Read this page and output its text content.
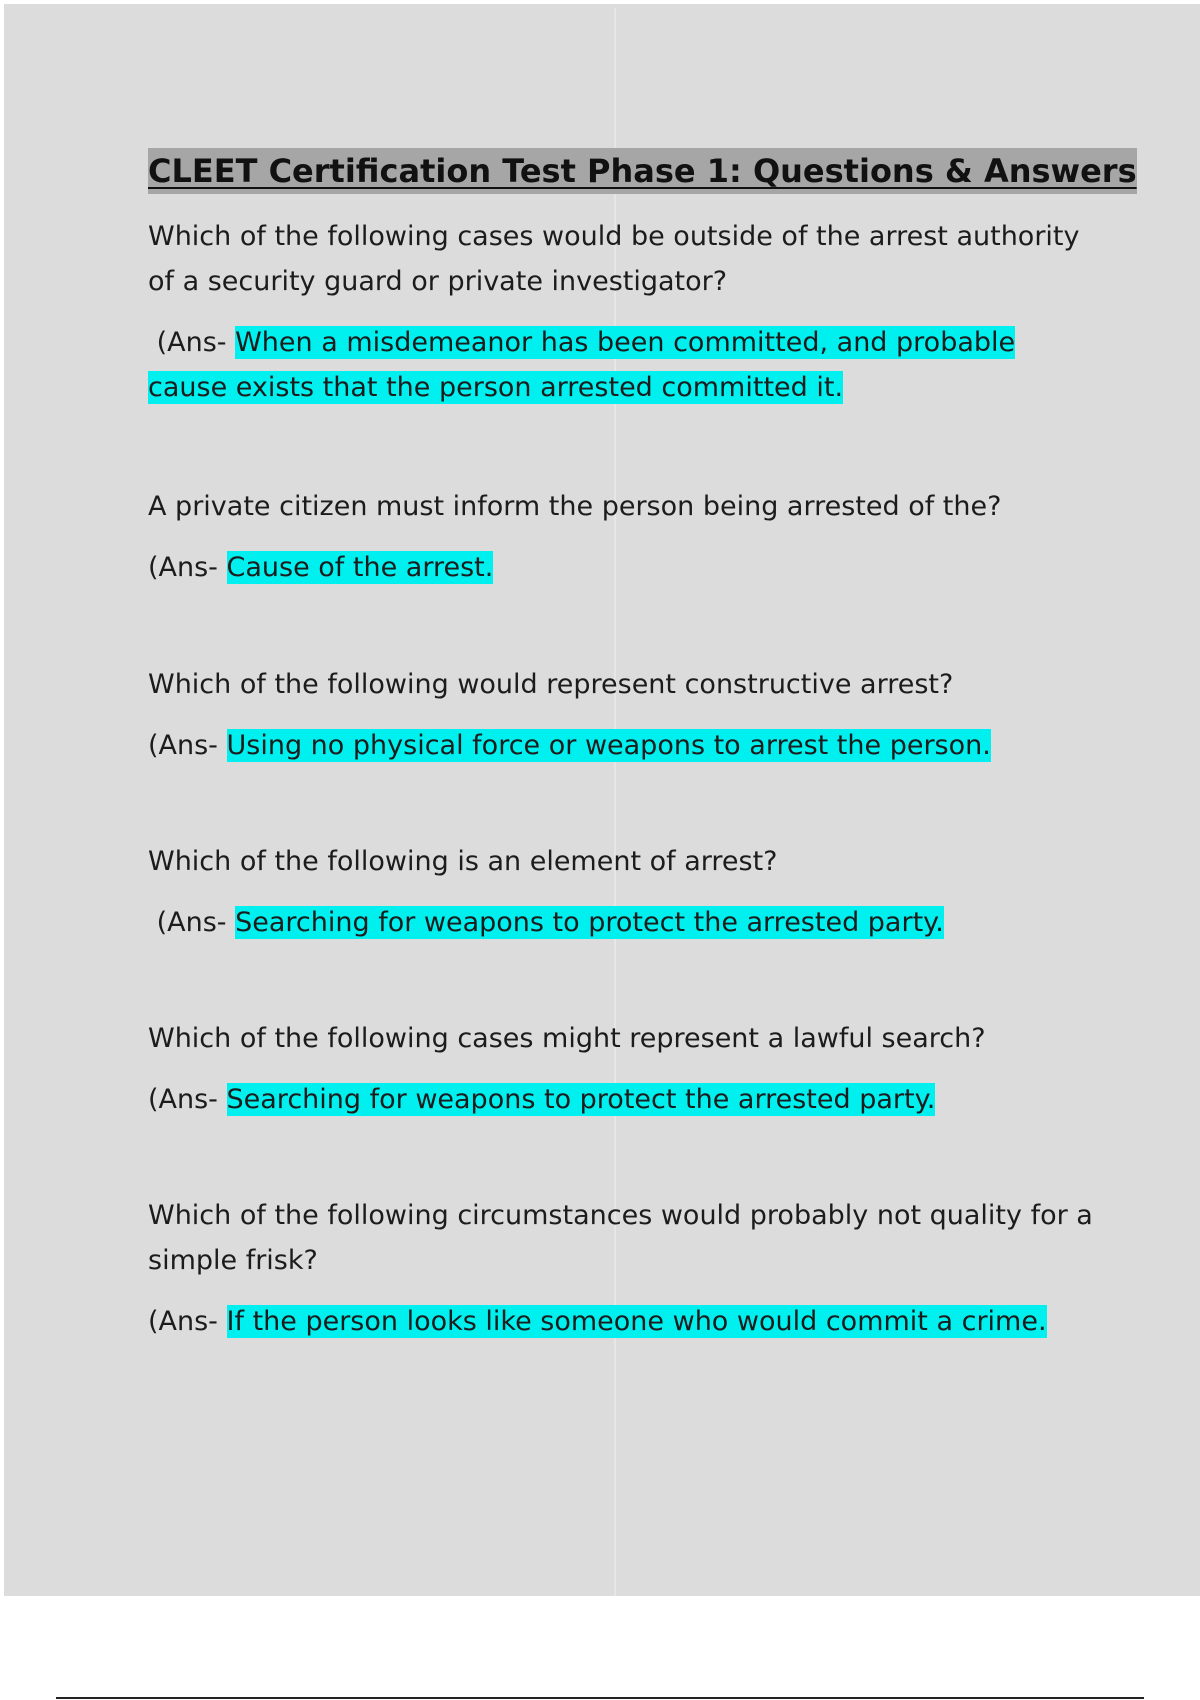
CLEET Certification Test Phase 1: Questions & Answers

Which of the following cases would be outside of the arrest authority of a security guard or private investigator?

(Ans- When a misdemeanor has been committed, and probable cause exists that the person arrested committed it.

A private citizen must inform the person being arrested of the?

(Ans- Cause of the arrest.

Which of the following would represent constructive arrest?

(Ans- Using no physical force or weapons to arrest the person.

Which of the following is an element of arrest?

(Ans- Searching for weapons to protect the arrested party.

Which of the following cases might represent a lawful search?

(Ans- Searching for weapons to protect the arrested party.

Which of the following circumstances would probably not quality for a simple frisk?

(Ans- If the person looks like someone who would commit a crime.
